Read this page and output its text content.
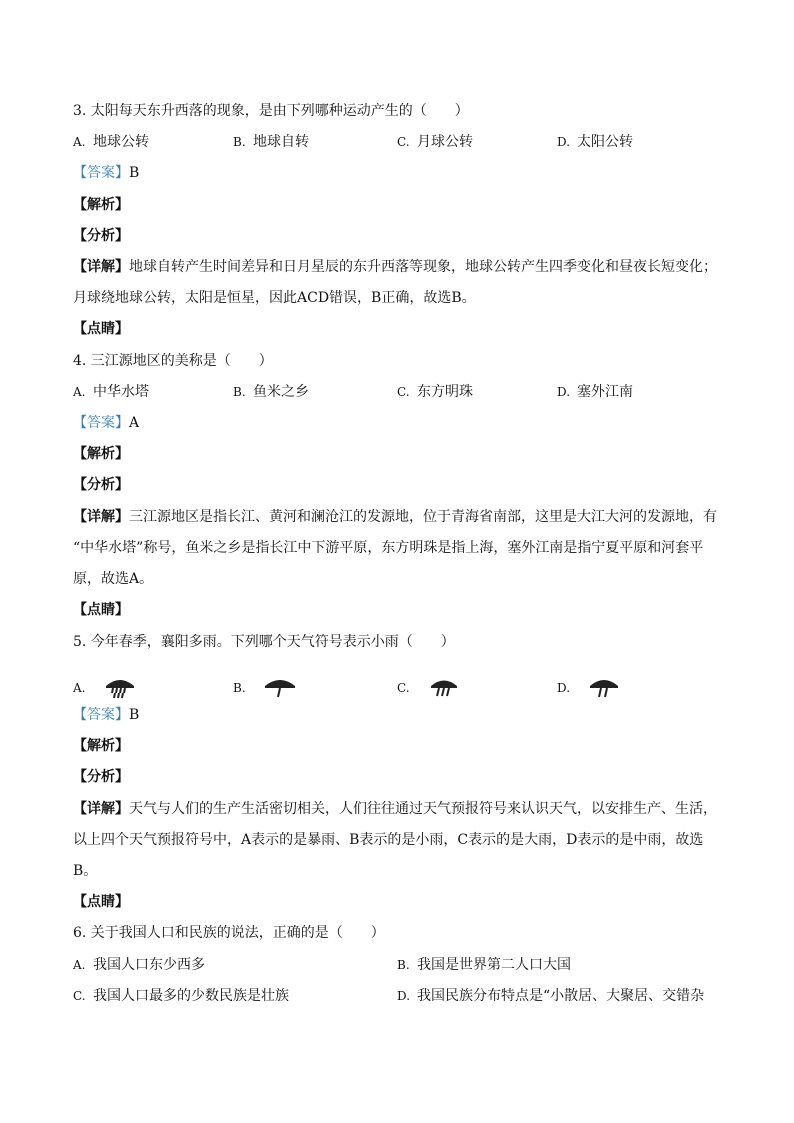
3. 太阳每天东升西落的现象，是由下列哪种运动产生的（　　）
A. 地球公转	B. 地球自转	C. 月球公转	D. 太阳公转
【答案】B
【解析】
【分析】
【详解】地球自转产生时间差异和日月星辰的东升西落等现象，地球公转产生四季变化和昼夜长短变化；
月球绕地球公转，太阳是恒星，因此ACD错误，B正确，故选B。
【点睛】
4. 三江源地区的美称是（　　）
A. 中华水塔	B. 鱼米之乡	C. 东方明珠	D. 塞外江南
【答案】A
【解析】
【分析】
【详解】三江源地区是指长江、黄河和澜沧江的发源地，位于青海省南部，这里是大江大河的发源地，有
“中华水塔”称号，鱼米之乡是指长江中下游平原，东方明珠是指上海，塞外江南是指宁夏平原和河套平
原，故选A。
【点睛】
5. 今年春季，襄阳多雨。下列哪个天气符号表示小雨（　　）
A.	B.	C.	D.
【答案】B
【解析】
【分析】
【详解】天气与人们的生产生活密切相关，人们往往通过天气预报符号来认识天气，以安排生产、生活，
以上四个天气预报符号中，A表示的是暴雨、B表示的是小雨，C表示的是大雨，D表示的是中雨，故选
B。
【点睛】
6. 关于我国人口和民族的说法，正确的是（　　）
A. 我国人口东少西多	B. 我国是世界第二人口大国
C. 我国人口最多的少数民族是壮族	D. 我国民族分布特点是“小散居、大聚居、交错杂
